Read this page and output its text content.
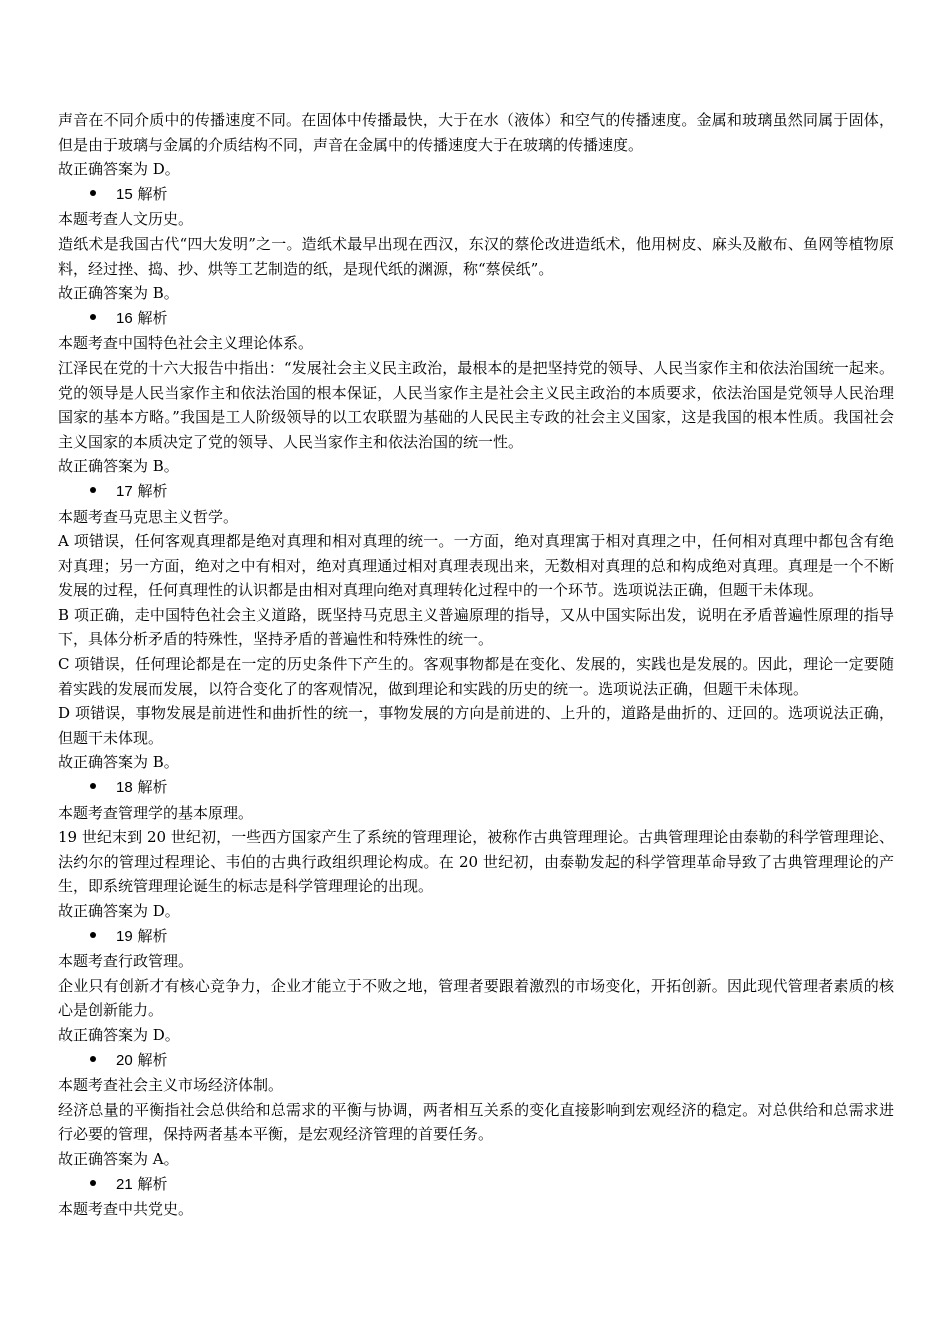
声音在不同介质中的传播速度不同。在固体中传播最快，大于在水（液体）和空气的传播速度。金属和玻璃虽然同属于固体，但是由于玻璃与金属的介质结构不同，声音在金属中的传播速度大于在玻璃的传播速度。

故正确答案为 D。

15 解析

本题考查人文历史。

造纸术是我国古代“四大发明”之一。造纸术最早出现在西汉，东汉的蔡伦改进造纸术，他用树皮、麻头及敝布、鱼网等植物原料，经过挫、捣、抄、烘等工艺制造的纸，是现代纸的渊源，称“蔡侯纸”。

故正确答案为 B。

16 解析

本题考查中国特色社会主义理论体系。

江泽民在党的十六大报告中指出：“发展社会主义民主政治，最根本的是把坚持党的领导、人民当家作主和依法治国统一起来。党的领导是人民当家作主和依法治国的根本保证，人民当家作主是社会主义民主政治的本质要求，依法治国是党领导人民治理国家的基本方略。”我国是工人阶级领导的以工农联盟为基础的人民民主专政的社会主义国家，这是我国的根本性质。我国社会主义国家的本质决定了党的领导、人民当家作主和依法治国的统一性。

故正确答案为 B。

17 解析

本题考查马克思主义哲学。

A 项错误，任何客观真理都是绝对真理和相对真理的统一。一方面，绝对真理寓于相对真理之中，任何相对真理中都包含有绝对真理；另一方面，绝对之中有相对，绝对真理通过相对真理表现出来，无数相对真理的总和构成绝对真理。真理是一个不断发展的过程，任何真理性的认识都是由相对真理向绝对真理转化过程中的一个环节。选项说法正确，但题干未体现。

B 项正确，走中国特色社会主义道路，既坚持马克思主义普遍原理的指导，又从中国实际出发，说明在矛盾普遍性原理的指导下，具体分析矛盾的特殊性，坚持矛盾的普遍性和特殊性的统一。

C 项错误，任何理论都是在一定的历史条件下产生的。客观事物都是在变化、发展的，实践也是发展的。因此，理论一定要随着实践的发展而发展，以符合变化了的客观情况，做到理论和实践的历史的统一。选项说法正确，但题干未体现。

D 项错误，事物发展是前进性和曲折性的统一，事物发展的方向是前进的、上升的，道路是曲折的、迂回的。选项说法正确，但题干未体现。

故正确答案为 B。

18 解析

本题考查管理学的基本原理。

19 世纪末到 20 世纪初，一些西方国家产生了系统的管理理论，被称作古典管理理论。古典管理理论由泰勒的科学管理理论、法约尔的管理过程理论、韦伯的古典行政组织理论构成。在 20 世纪初，由泰勒发起的科学管理革命导致了古典管理理论的产生，即系统管理理论诞生的标志是科学管理理论的出现。

故正确答案为 D。

19 解析

本题考查行政管理。

企业只有创新才有核心竞争力，企业才能立于不败之地，管理者要跟着激烈的市场变化，开拓创新。因此现代管理者素质的核心是创新能力。

故正确答案为 D。

20 解析

本题考查社会主义市场经济体制。

经济总量的平衡指社会总供给和总需求的平衡与协调，两者相互关系的变化直接影响到宏观经济的稳定。对总供给和总需求进行必要的管理，保持两者基本平衡，是宏观经济管理的首要任务。

故正确答案为 A。

21 解析

本题考查中共党史。
